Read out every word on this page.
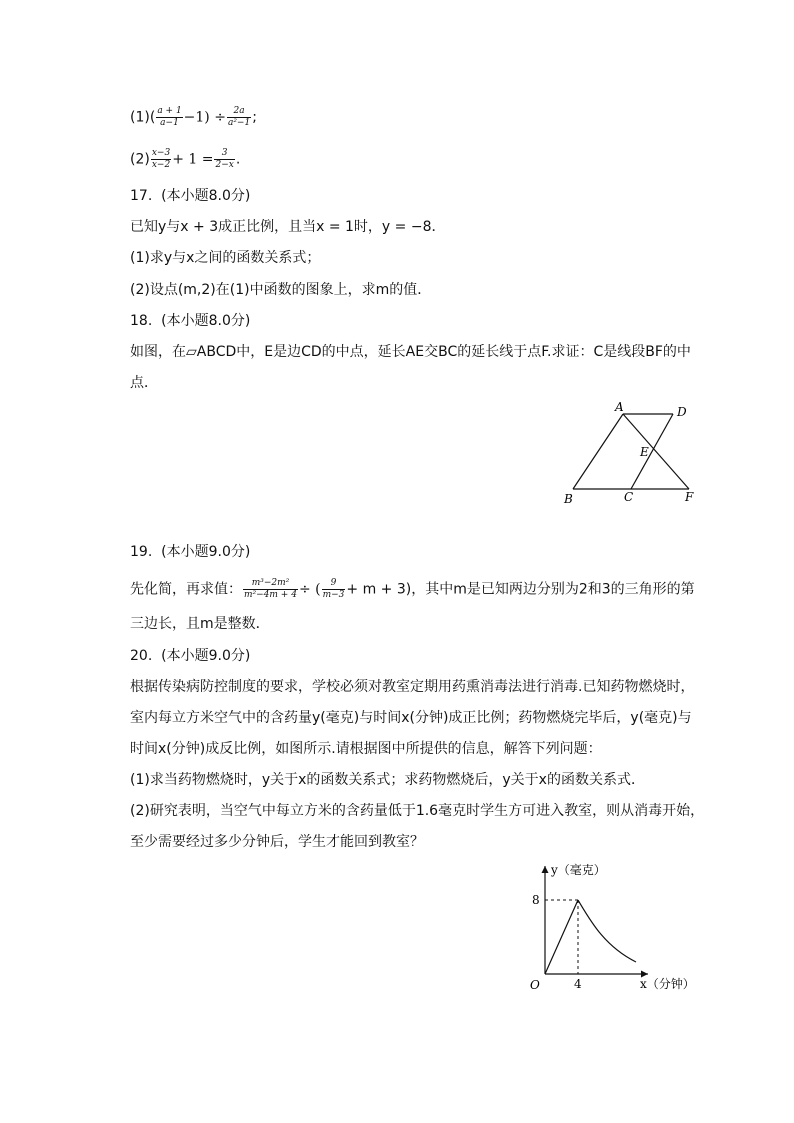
$(1)( \frac{a + 1}{a-1} -1) \div \frac{2a}{\text{a²−1}}$ ;
$(2) \frac{x-3}{x-2} + 1 = \frac{3}{2-x}$ .
17.  (本小题8.0分)
已知y与x + 3成正比例，且当x = 1时，y = −8．
(1)求y与x之间的函数关系式；
(2)设点(m,2)在(1)中函数的图象上，求m的值．
18.  (本小题8.0分)
如图，在▱ABCD中，E是边CD的中点，延长AE交BC的延长线于点F.求证：C是线段BF的中
点．
A	D
E
B	C	F
19.  (本小题9.0分)
先化简，再求值： $\frac{\text{m³−2m²}}{\text{m²−4m + 4}}$ ÷ ( $\frac{9}{m-3} + m + 3$)，其中m是已知两边分别为2和3的三角形的第
三边长，且m是整数．
20.  (本小题9.0分)
根据传染病防控制度的要求，学校必须对教室定期用药熏消毒法进行消毒.已知药物燃烧时，
室内每立方米空气中的含药量y(毫克)与时间x(分钟)成正比例；药物燃烧完毕后，y(毫克)与
时间x(分钟)成反比例，如图所示.请根据图中所提供的信息，解答下列问题：
(1)求当药物燃烧时，y关于x的函数关系式；求药物燃烧后，y关于x的函数关系式．
(2)研究表明，当空气中每立方米的含药量低于1.6毫克时学生方可进入教室，则从消毒开始，
至少需要经过多少分钟后，学生才能回到教室？
y（毫克）
x（分钟）
O
8
4
